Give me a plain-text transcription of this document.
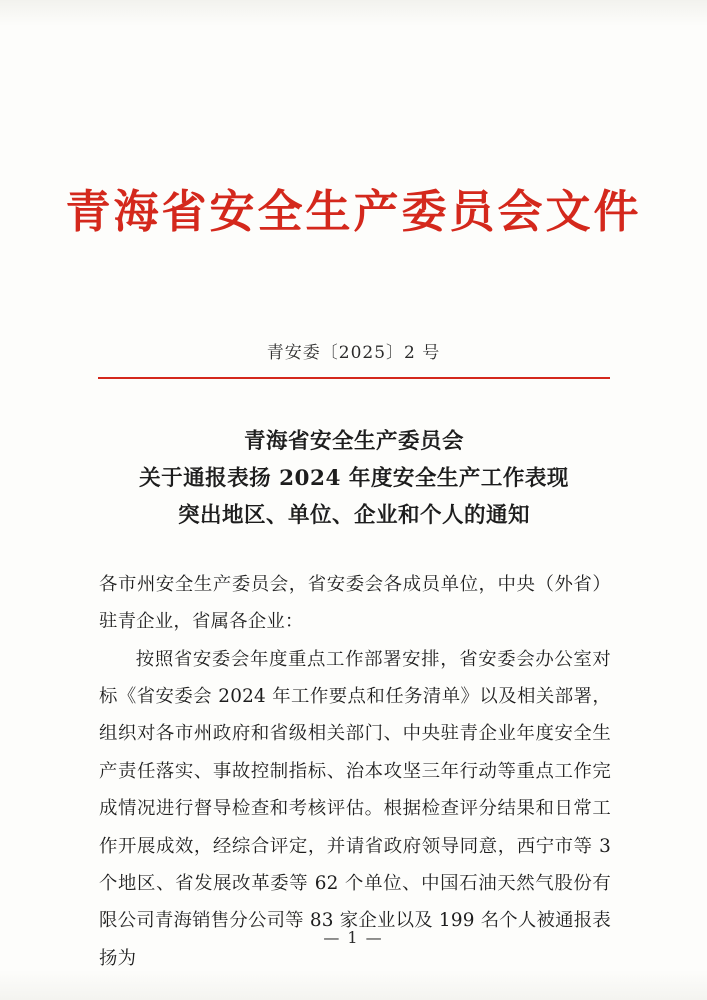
青海省安全生产委员会文件
青安委〔2025〕2 号
青海省安全生产委员会
关于通报表扬 2024 年度安全生产工作表现
突出地区、单位、企业和个人的通知

各市州安全生产委员会，省安委会各成员单位，中央（外省）驻青企业，省属各企业：

按照省安委会年度重点工作部署安排，省安委会办公室对标《省安委会 2024 年工作要点和任务清单》以及相关部署，组织对各市州政府和省级相关部门、中央驻青企业年度安全生产责任落实、事故控制指标、治本攻坚三年行动等重点工作完成情况进行督导检查和考核评估。根据检查评分结果和日常工作开展成效，经综合评定，并请省政府领导同意，西宁市等 3 个地区、省发展改革委等 62 个单位、中国石油天然气股份有限公司青海销售分公司等 83 家企业以及 199 名个人被通报表扬为

— 1 —
